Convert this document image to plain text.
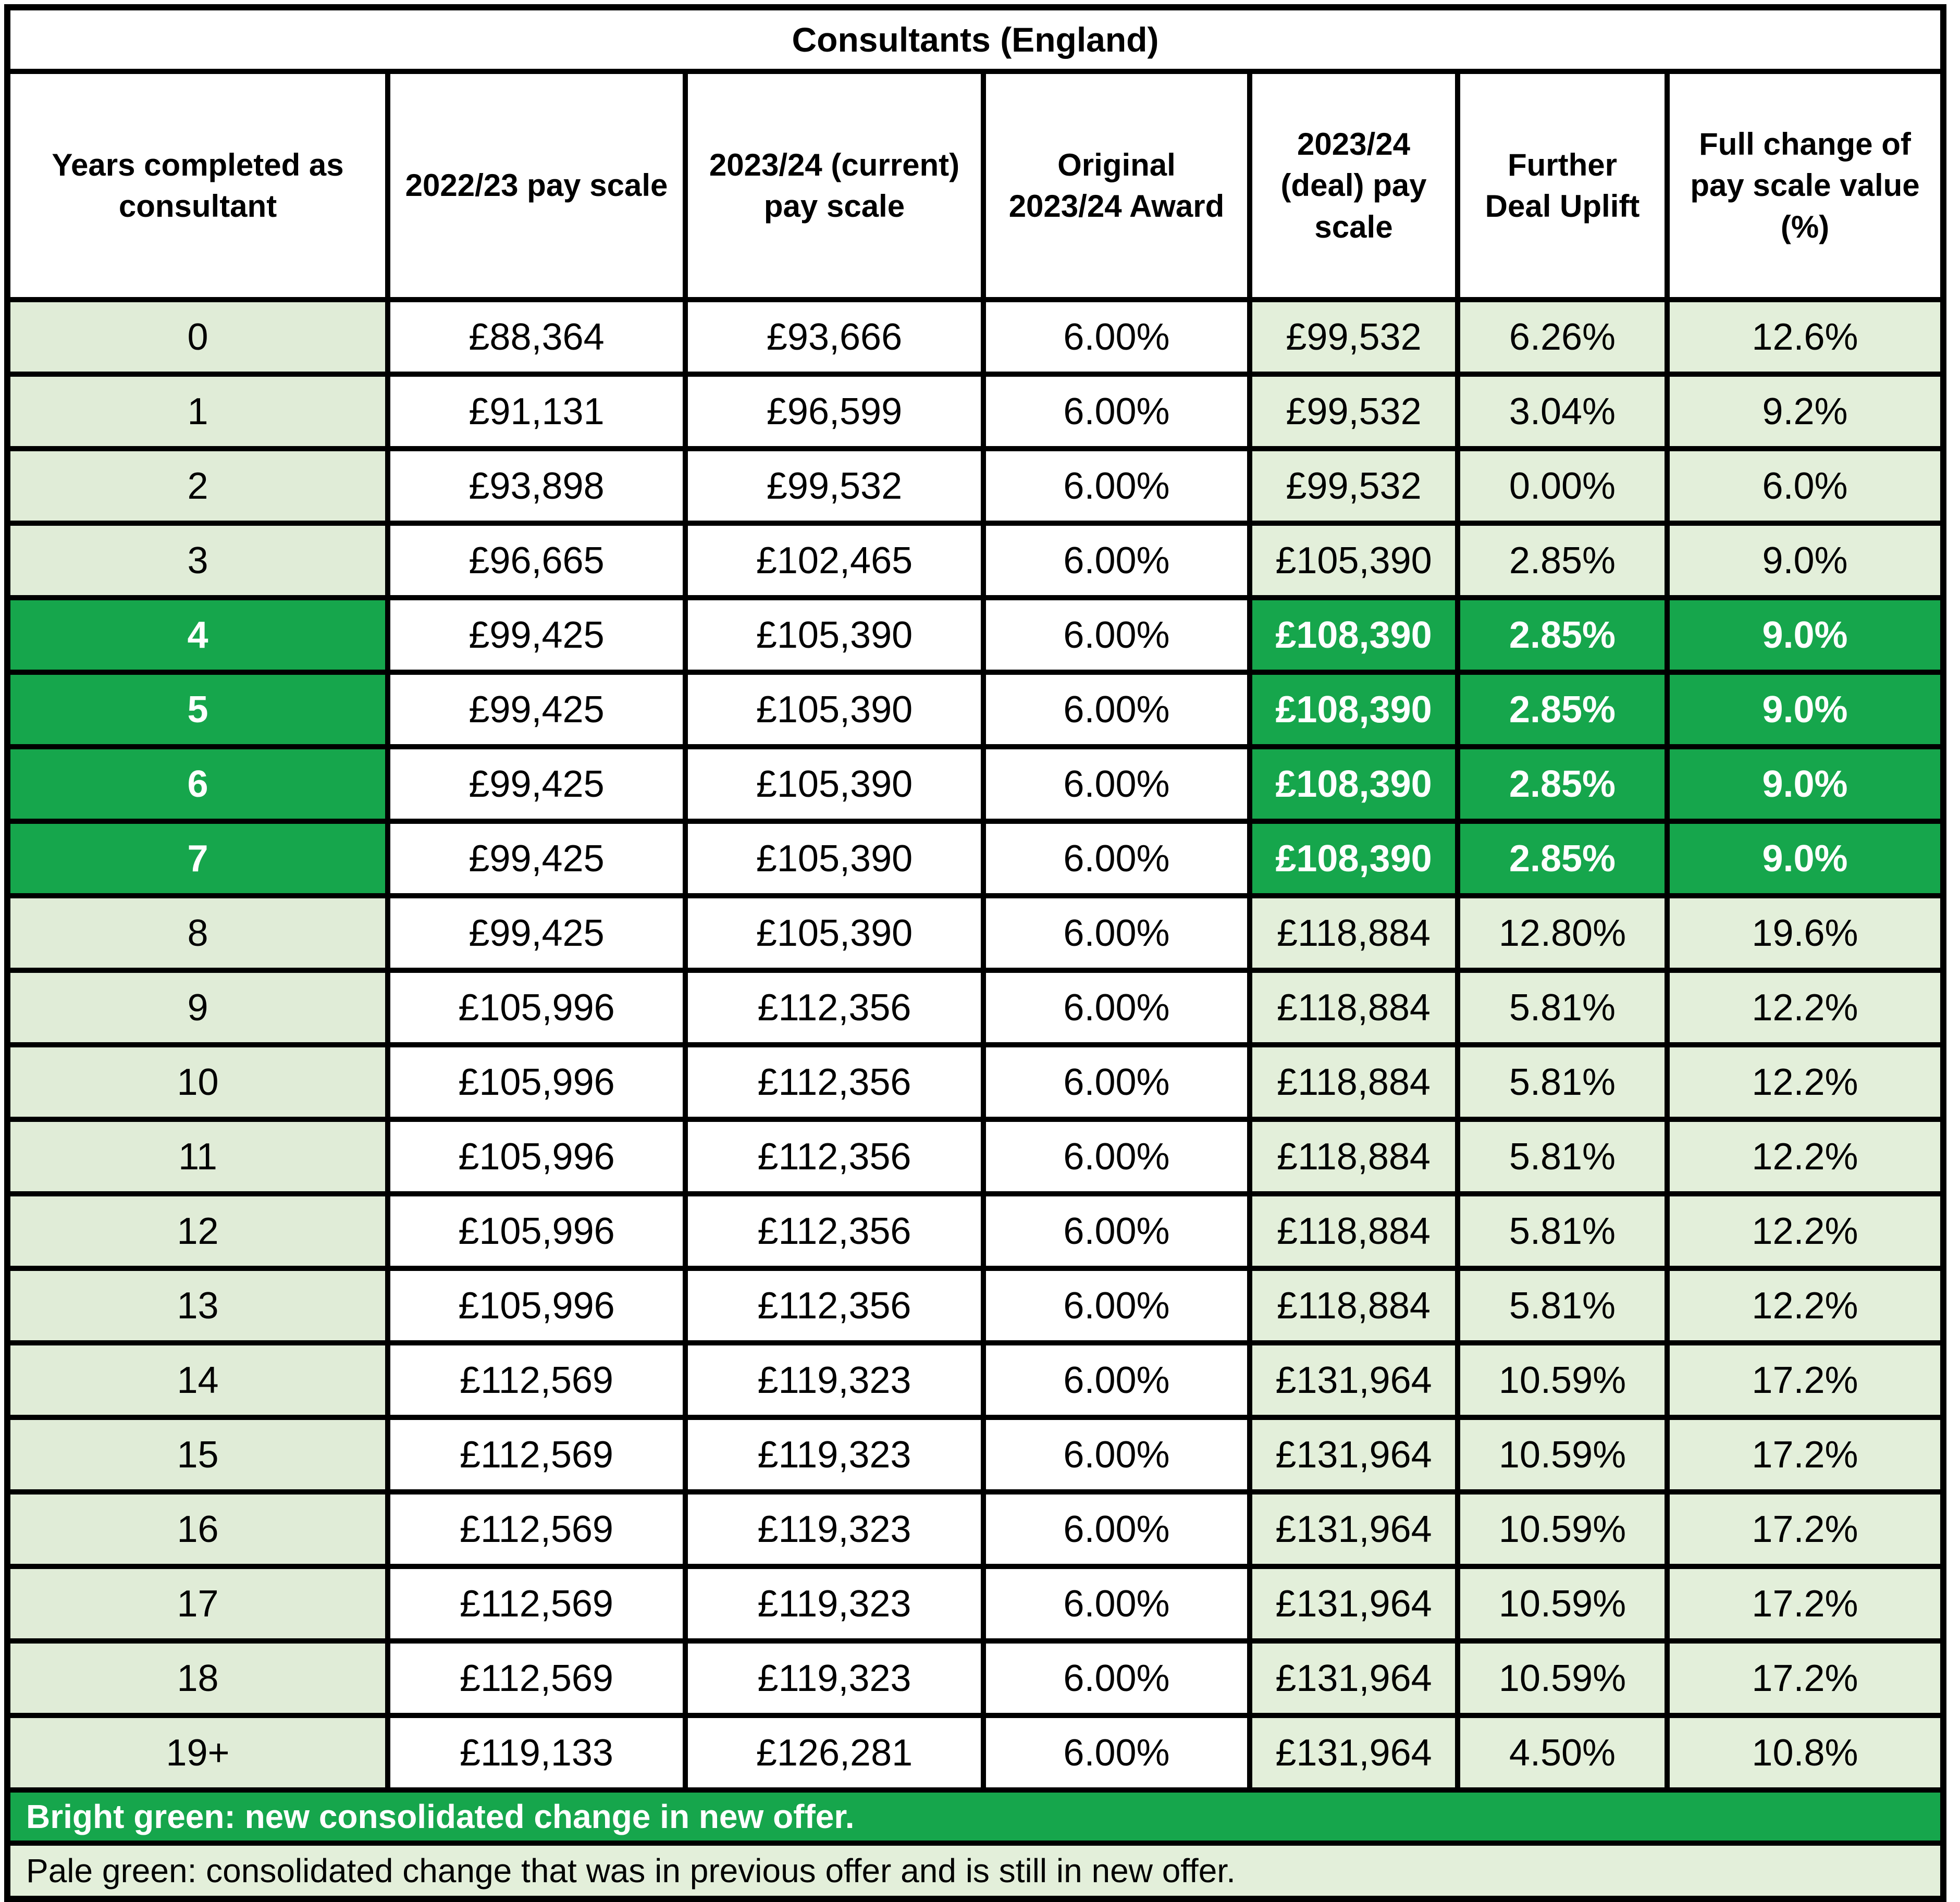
Consultants (England)						
Years completed as consultant	2022/23 pay scale	2023/24 (current) pay scale	Original 2023/24 Award	2023/24 (deal) pay scale	Further Deal Uplift	Full change of pay scale value (%)
0	£88,364	£93,666	6.00%	£99,532	6.26%	12.6%
1	£91,131	£96,599	6.00%	£99,532	3.04%	9.2%
2	£93,898	£99,532	6.00%	£99,532	0.00%	6.0%
3	£96,665	£102,465	6.00%	£105,390	2.85%	9.0%
4	£99,425	£105,390	6.00%	£108,390	2.85%	9.0%
5	£99,425	£105,390	6.00%	£108,390	2.85%	9.0%
6	£99,425	£105,390	6.00%	£108,390	2.85%	9.0%
7	£99,425	£105,390	6.00%	£108,390	2.85%	9.0%
8	£99,425	£105,390	6.00%	£118,884	12.80%	19.6%
9	£105,996	£112,356	6.00%	£118,884	5.81%	12.2%
10	£105,996	£112,356	6.00%	£118,884	5.81%	12.2%
11	£105,996	£112,356	6.00%	£118,884	5.81%	12.2%
12	£105,996	£112,356	6.00%	£118,884	5.81%	12.2%
13	£105,996	£112,356	6.00%	£118,884	5.81%	12.2%
14	£112,569	£119,323	6.00%	£131,964	10.59%	17.2%
15	£112,569	£119,323	6.00%	£131,964	10.59%	17.2%
16	£112,569	£119,323	6.00%	£131,964	10.59%	17.2%
17	£112,569	£119,323	6.00%	£131,964	10.59%	17.2%
18	£112,569	£119,323	6.00%	£131,964	10.59%	17.2%
19+	£119,133	£126,281	6.00%	£131,964	4.50%	10.8%
Bright green: new consolidated change in new offer.						
Pale green: consolidated change that was in previous offer and is still in new offer.						
